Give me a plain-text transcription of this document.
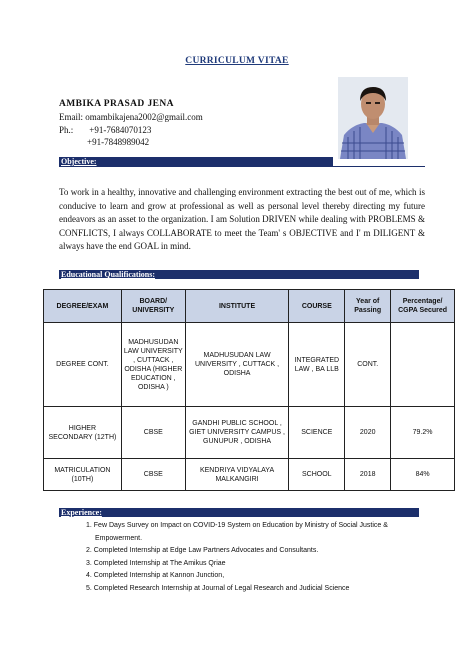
CURRICULUM VITAE
AMBIKA PRASAD JENA
Email: omambikajena2002@gmail.com
Ph.: +91-7684070123
+91-7848989042
Objective:
To work in a healthy, innovative and challenging environment extracting the best out of me, which is conducive to learn and grow at professional as well as personal level thereby directing my future endeavors as an asset to the organization. I am Solution DRIVEN while dealing with PROBLEMS & CONFLICTS, I always COLLABORATE to meet the Team' s OBJECTIVE and I' m DILIGENT & always have the end GOAL in mind.
Educational Qualifications:
DEGREE/EXAM	BOARD/ UNIVERSITY	INSTITUTE	COURSE	Year of Passing	Percentage/ CGPA Secured
DEGREE CONT.	MADHUSUDAN LAW UNIVERSITY , CUTTACK , ODISHA (HIGHER EDUCATION , ODISHA )	MADHUSUDAN LAW UNIVERSITY , CUTTACK , ODISHA	INTEGRATED LAW , BA LLB	CONT.	
HIGHER SECONDARY (12TH)	CBSE	GANDHI PUBLIC SCHOOL , GIET UNIVERSITY CAMPUS , GUNUPUR , ODISHA	SCIENCE	2020	79.2%
MATRICULATION (10TH)	CBSE	KENDRIYA VIDYALAYA MALKANGIRI	SCHOOL	2018	84%
Experience:
1. Few Days Survey on Impact on COVID-19 System on Education by Ministry of Social Justice &
Empowerment.
2. Completed Internship at Edge Law Partners Advocates and Consultants.
3. Completed Internship at The Amikus Qriae
4. Completed Internship at Kannon Junction,
5. Completed Research Internship at Journal of Legal Research and Judicial Science
